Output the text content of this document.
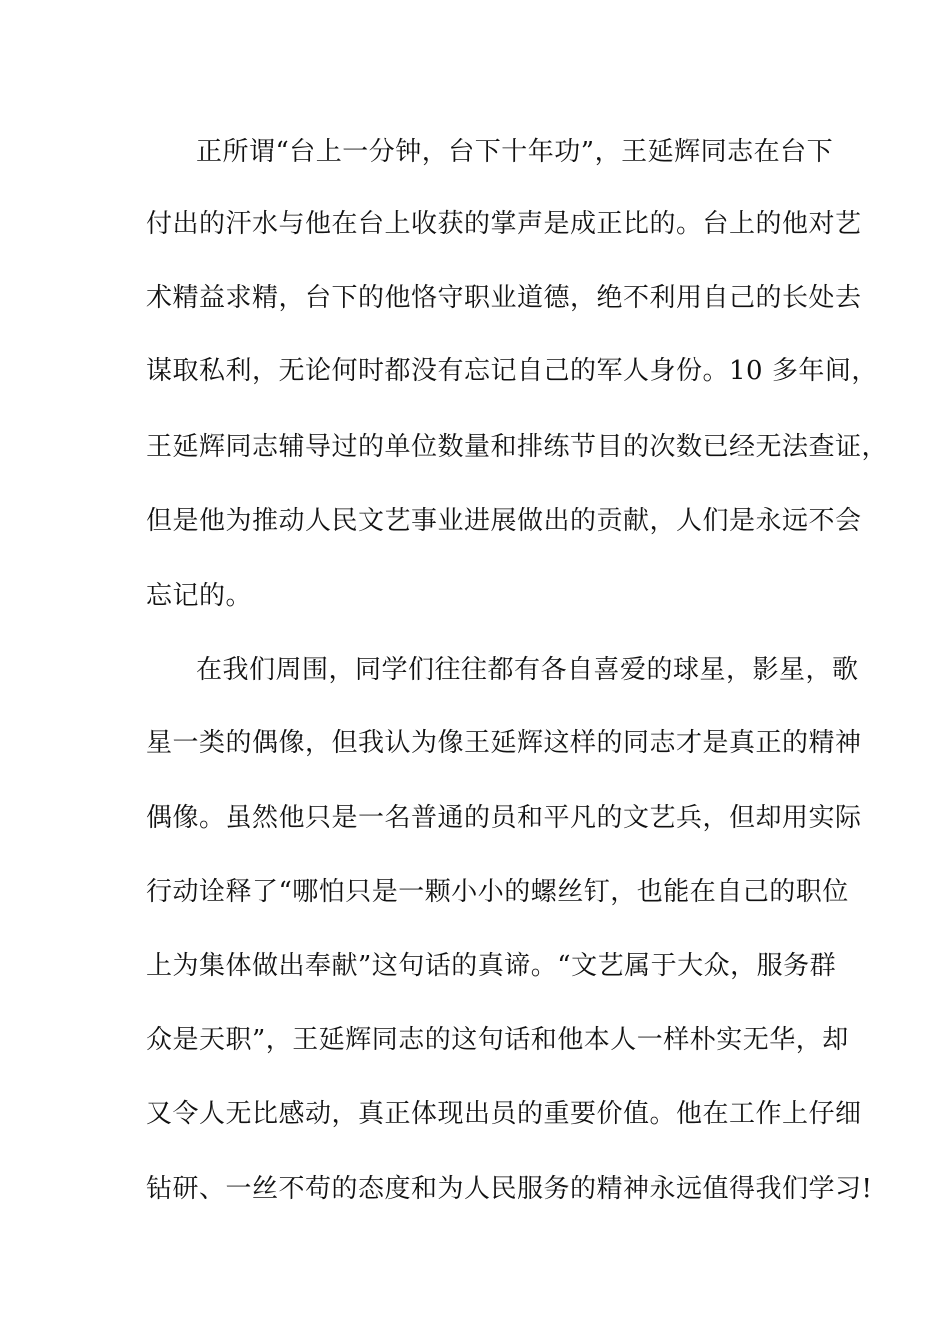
正所谓“台上一分钟，台下十年功”，王延辉同志在台下
付出的汗水与他在台上收获的掌声是成正比的。台上的他对艺
术精益求精，台下的他恪守职业道德，绝不利用自己的长处去
谋取私利，无论何时都没有忘记自己的军人身份。10 多年间，
王延辉同志辅导过的单位数量和排练节目的次数已经无法查证，
但是他为推动人民文艺事业进展做出的贡献，人们是永远不会
忘记的。
在我们周围，同学们往往都有各自喜爱的球星，影星，歌
星一类的偶像，但我认为像王延辉这样的同志才是真正的精神
偶像。虽然他只是一名普通的员和平凡的文艺兵，但却用实际
行动诠释了“哪怕只是一颗小小的螺丝钉，也能在自己的职位
上为集体做出奉献”这句话的真谛。“文艺属于大众，服务群
众是天职”，王延辉同志的这句话和他本人一样朴实无华，却
又令人无比感动，真正体现出员的重要价值。他在工作上仔细
钻研、一丝不苟的态度和为人民服务的精神永远值得我们学习!
